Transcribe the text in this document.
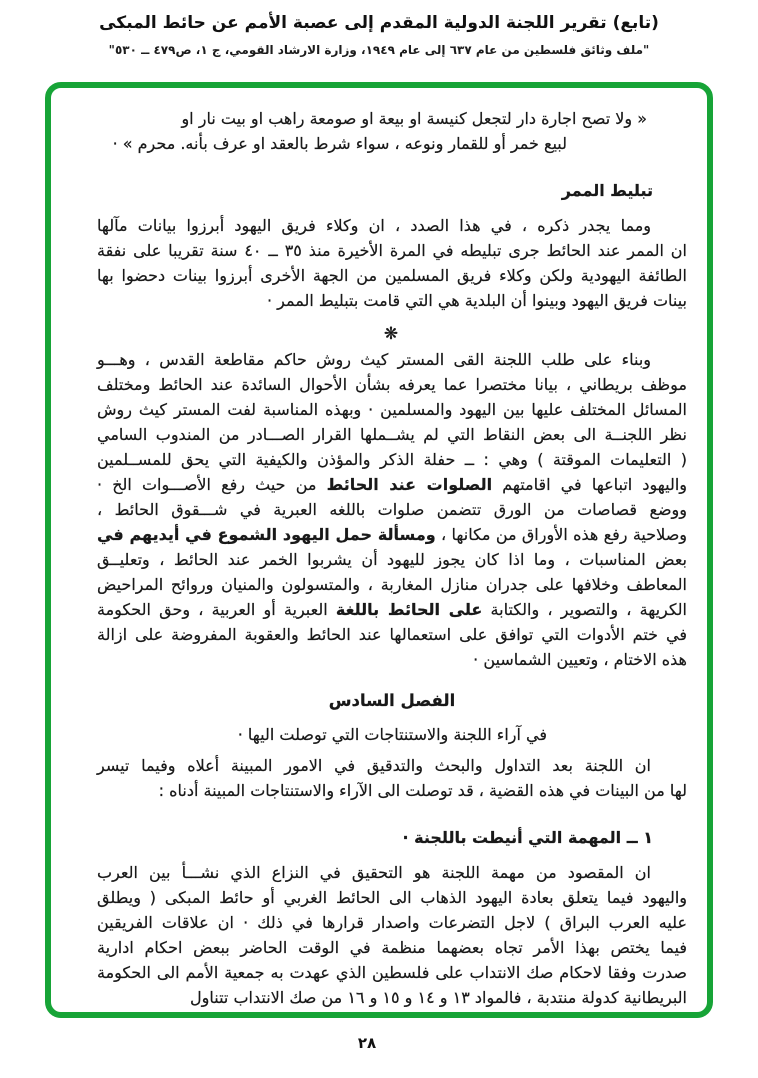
(تابع) تقرير اللجنة الدولية المقدم إلى عصبة الأمم عن حائط المبكى
"ملف وثائق فلسطين من عام ٦٣٧ إلى عام ١٩٤٩، وزارة الارشاد القومي، ج ١، ص٤٧٩ ــ ٥٣٠"
« ولا تصح اجارة دار لتجعل كنيسة او بيعة او صومعة راهب او بيت نار او
لبيع خمر أو للقمار ونوعه ، سواء شرط بالعقد او عرف بأنه. محرم » ·
تبليط الممر
ومما يجدر ذكره ، في هذا الصدد ، ان وكلاء فريق اليهود أبرزوا بيانات مآلها
ان الممر عند الحائط جرى تبليطه في المرة الأخيرة منذ ٣٥ ــ ٤٠ سنة تقريبا على نفقة
الطائفة اليهودية ولكن وكلاء فريق المسلمين من الجهة الأخرى أبرزوا بينات دحضوا بها
بينات فريق اليهود وبينوا أن البلدية هي التي قامت بتبليط الممر ·
❋
وبناء على طلب اللجنة القى المستر كيث روش حاكم مقاطعة القدس ، وهـــو
موظف بريطاني ، بيانا مختصرا عما يعرفه بشأن الأحوال السائدة عند الحائط ومختلف
المسائل المختلف عليها بين اليهود والمسلمين · وبهذه المناسبة لفت المستر كيث روش
نظر اللجنــة الى بعض النقاط التي لم يشــملها القرار الصـــادر من المندوب السامي
( التعليمات الموقتة ) وهي : ــ حفلة الذكر والمؤذن والكيفية التي يحق للمســلمين
واليهود اتباعها في اقامتهم الصلوات عند الحائط من حيث رفع الأصـــوات الخ ·
ووضع قصاصات من الورق تتضمن صلوات باللغه العبرية في شـــقوق الحائط ،
وصلاحية رفع هذه الأوراق من مكانها ، ومسألة حمل اليهود الشموع في أيديهم في
بعض المناسبات ، وما اذا كان يجوز لليهود أن يشربوا الخمر عند الحائط ، وتعليــق
المعاطف وخلافها على جدران منازل المغاربة ، والمتسولون والمنيان وروائح المراحيض
الكريهة ، والتصوير ، والكتابة على الحائط باللغة العبرية أو العربية ، وحق الحكومة
في ختم الأدوات التي توافق على استعمالها عند الحائط والعقوبة المفروضة على ازالة
هذه الاختام ، وتعيين الشماسين ·
الفصل السادس
في آراء اللجنة والاستنتاجات التي توصلت اليها ·
ان اللجنة بعد التداول والبحث والتدقيق في الامور المبينة أعلاه وفيما تيسر
لها من البينات في هذه القضية ، قد توصلت الى الآراء والاستنتاجات المبينة أدناه :
١ ــ المهمة التي أنيطت باللجنة ·
ان المقصود من مهمة اللجنة هو التحقيق في النزاع الذي نشـــأ بين العرب
واليهود فيما يتعلق بعادة اليهود الذهاب الى الحائط الغربي أو حائط المبكى ( ويطلق
عليه العرب البراق ) لاجل التضرعات واصدار قرارها في ذلك · ان علاقات الفريقين
فيما يختص بهذا الأمر تجاه بعضهما منظمة في الوقت الحاضر ببعض احكام ادارية
صدرت وفقا لاحكام صك الانتداب على فلسطين الذي عهدت به جمعية الأمم الى الحكومة
البريطانية كدولة منتدبة ، فالمواد ١٣ و ١٤ و ١٥ و ١٦ من صك الانتداب تتناول
٢٨
